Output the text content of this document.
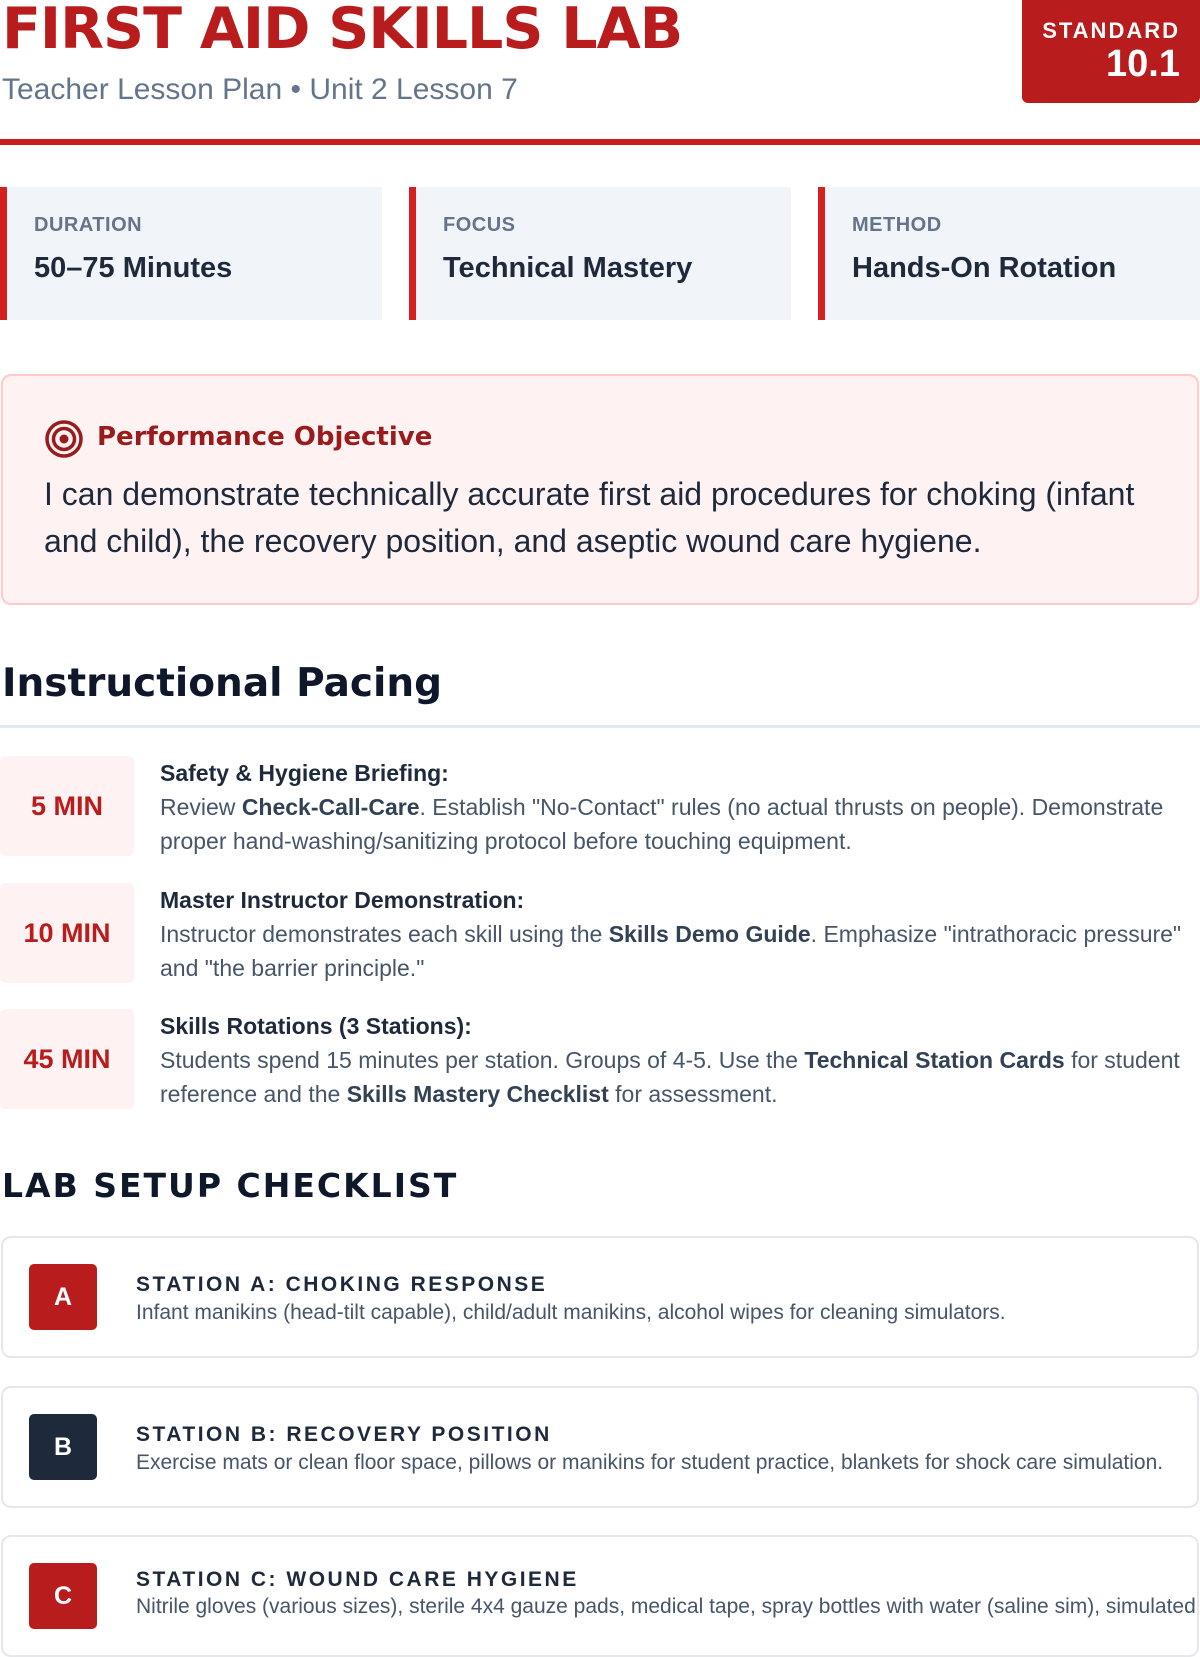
FIRST AID SKILLS LAB
Teacher Lesson Plan • Unit 2 Lesson 7
STANDARD
10.1
DURATION
50–75 Minutes
FOCUS
Technical Mastery
METHOD
Hands-On Rotation
Performance Objective
I can demonstrate technically accurate first aid procedures for choking (infant and child), the recovery position, and aseptic wound care hygiene.
Instructional Pacing
5 MIN
Safety & Hygiene Briefing:
Review Check-Call-Care. Establish "No-Contact" rules (no actual thrusts on people). Demonstrate proper hand-washing/sanitizing protocol before touching equipment.
10 MIN
Master Instructor Demonstration:
Instructor demonstrates each skill using the Skills Demo Guide. Emphasize "intrathoracic pressure" and "the barrier principle."
45 MIN
Skills Rotations (3 Stations):
Students spend 15 minutes per station. Groups of 4-5. Use the Technical Station Cards for student reference and the Skills Mastery Checklist for assessment.
LAB SETUP CHECKLIST
A	STATION A: CHOKING RESPONSE
Infant manikins (head-tilt capable), child/adult manikins, alcohol wipes for cleaning simulators.
B	STATION B: RECOVERY POSITION
Exercise mats or clean floor space, pillows or manikins for student practice, blankets for shock care simulation.
C
STATION C: WOUND CARE HYGIENE
Nitrile gloves (various sizes), sterile 4x4 gauze pads, medical tape, spray bottles with water (saline sim), simulated
